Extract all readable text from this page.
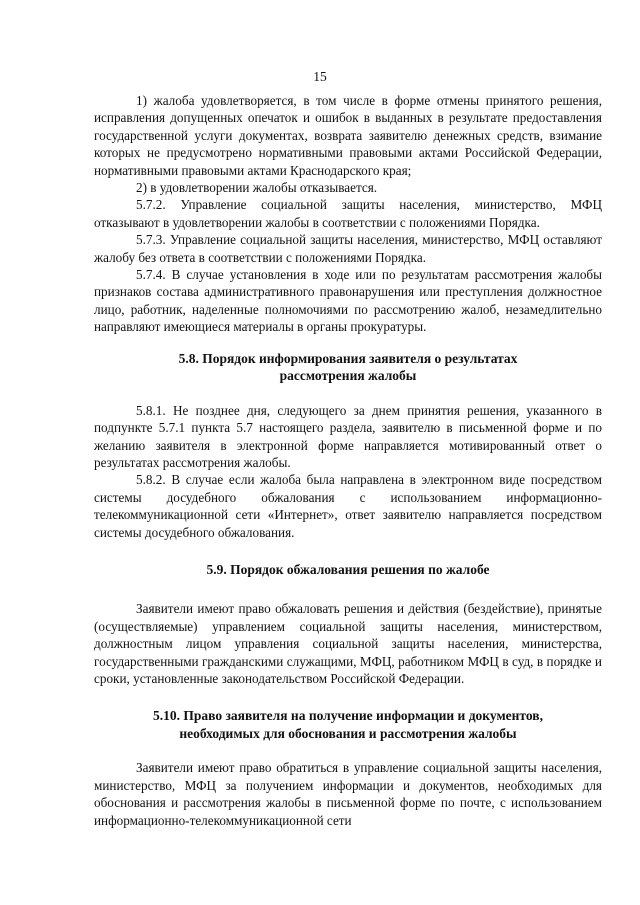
15

1) жалоба удовлетворяется, в том числе в форме отмены принятого решения, исправления допущенных опечаток и ошибок в выданных в результате предоставления государственной услуги документах, возврата заявителю денежных средств, взимание которых не предусмотрено нормативными правовыми актами Российской Федерации, нормативными правовыми актами Краснодарского края;

2) в удовлетворении жалобы отказывается.

5.7.2. Управление социальной защиты населения, министерство, МФЦ отказывают в удовлетворении жалобы в соответствии с положениями Порядка.

5.7.3. Управление социальной защиты населения, министерство, МФЦ оставляют жалобу без ответа в соответствии с положениями Порядка.

5.7.4. В случае установления в ходе или по результатам рассмотрения жалобы признаков состава административного правонарушения или преступления должностное лицо, работник, наделенные полномочиями по рассмотрению жалоб, незамедлительно направляют имеющиеся материалы в органы прокуратуры.

5.8. Порядок информирования заявителя о результатах
рассмотрения жалобы

5.8.1. Не позднее дня, следующего за днем принятия решения, указанного в подпункте 5.7.1 пункта 5.7 настоящего раздела, заявителю в письменной форме и по желанию заявителя в электронной форме направляется мотивированный ответ о результатах рассмотрения жалобы.

5.8.2. В случае если жалоба была направлена в электронном виде посредством системы досудебного обжалования с использованием информационно-телекоммуникационной сети «Интернет», ответ заявителю направляется посредством системы досудебного обжалования.

5.9. Порядок обжалования решения по жалобе

Заявители имеют право обжаловать решения и действия (бездействие), принятые (осуществляемые) управлением социальной защиты населения, министерством, должностным лицом управления социальной защиты населения, министерства, государственными гражданскими служащими, МФЦ, работником МФЦ в суд, в порядке и сроки, установленные законодательством Российской Федерации.

5.10. Право заявителя на получение информации и документов,
необходимых для обоснования и рассмотрения жалобы

Заявители имеют право обратиться в управление социальной защиты населения, министерство, МФЦ за получением информации и документов, необходимых для обоснования и рассмотрения жалобы в письменной форме по почте, с использованием информационно-телекоммуникационной сети
